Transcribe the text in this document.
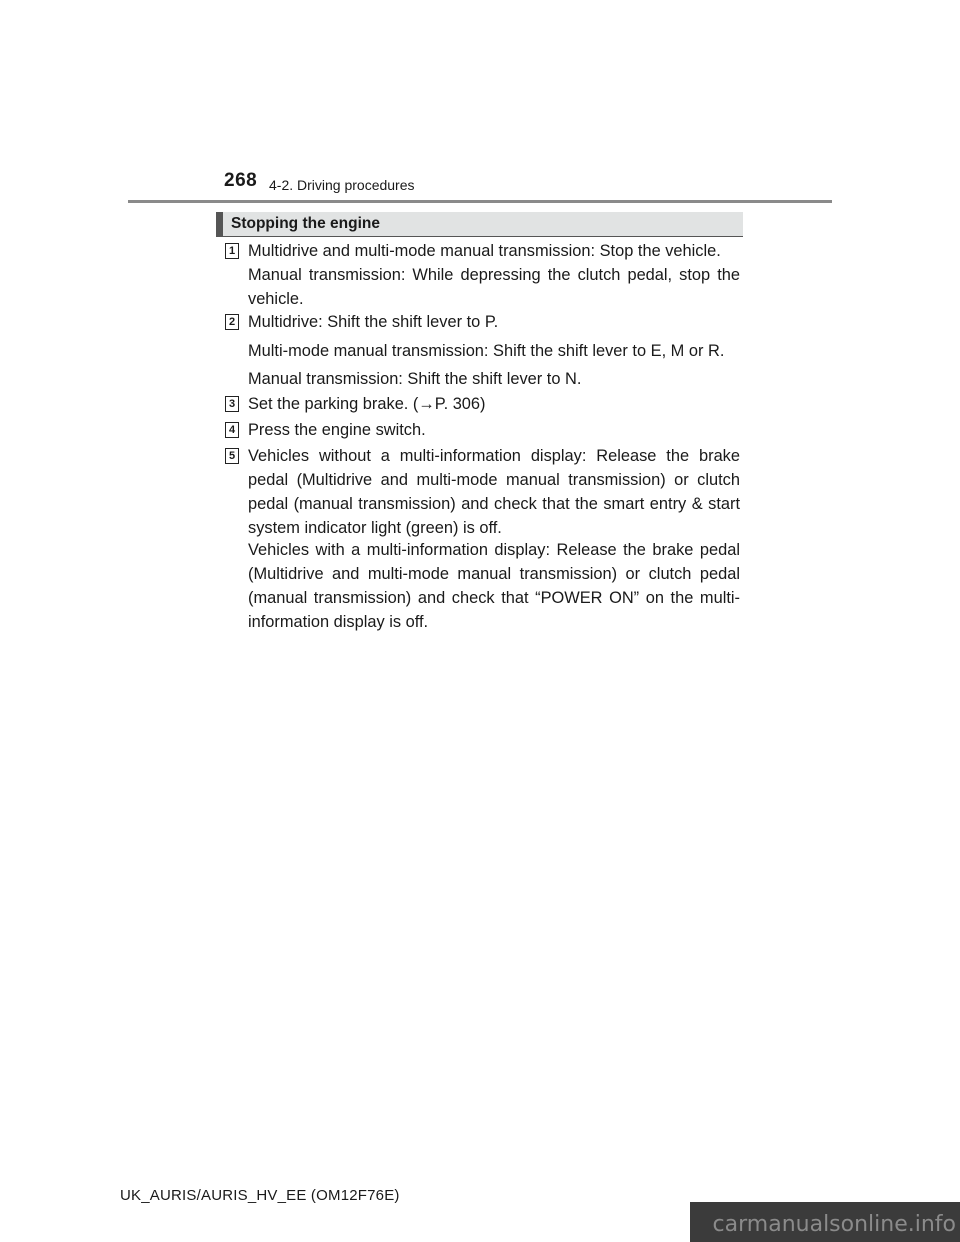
268 4-2. Driving procedures
Stopping the engine
1 Multidrive and multi-mode manual transmission: Stop the vehicle.
Manual transmission: While depressing the clutch pedal, stop the vehicle.
2 Multidrive: Shift the shift lever to P.
Multi-mode manual transmission: Shift the shift lever to E, M or R.
Manual transmission: Shift the shift lever to N.
3 Set the parking brake. (→P. 306)
4 Press the engine switch.
5 Vehicles without a multi-information display: Release the brake pedal (Multidrive and multi-mode manual transmission) or clutch pedal (manual transmission) and check that the smart entry & start system indicator light (green) is off.
Vehicles with a multi-information display: Release the brake pedal (Multidrive and multi-mode manual transmission) or clutch pedal (manual transmission) and check that “POWER ON” on the multi-information display is off.
UK_AURIS/AURIS_HV_EE (OM12F76E)
carmanualsonline.info
